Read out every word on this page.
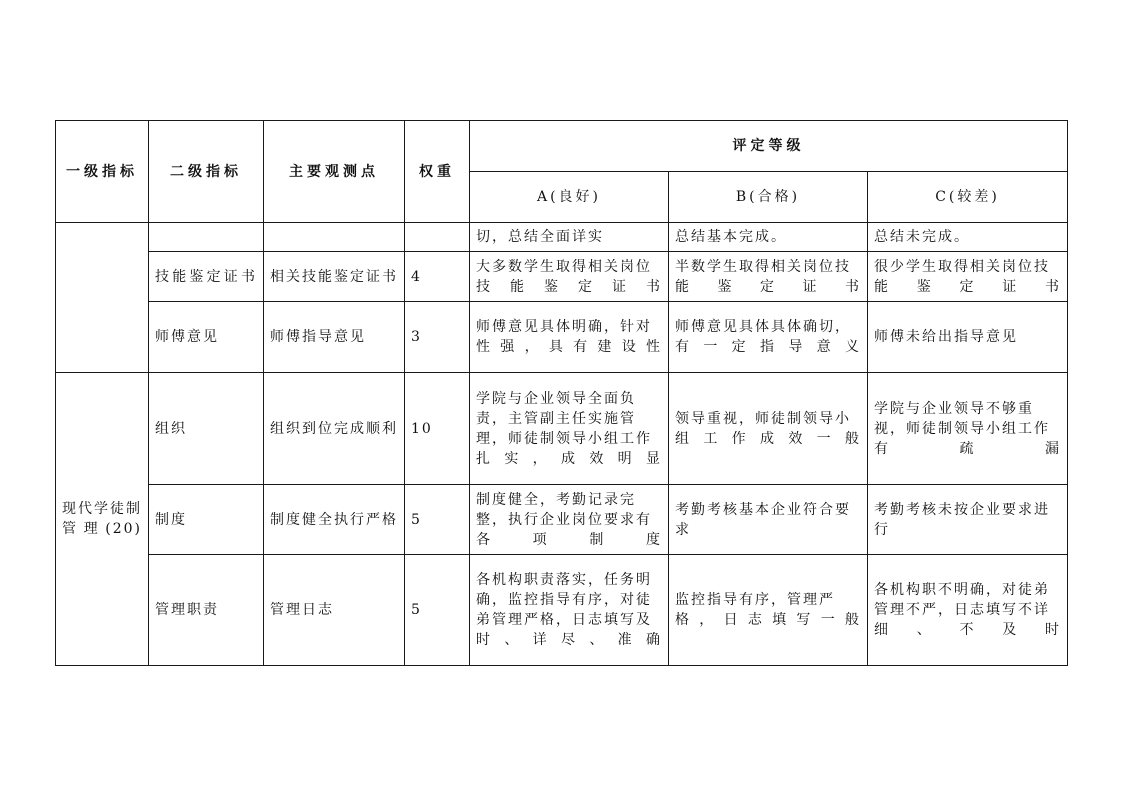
一级指标	二级指标	主要观测点	权重	评定等级		
				A(良好)	B(合格)	C(较差)
				切，总结全面详实	总结基本完成。	总结未完成。
	技能鉴定证书	相关技能鉴定证书	4	大多数学生取得相关岗位技能鉴定证书	半数学生取得相关岗位技能鉴定证书	很少学生取得相关岗位技能鉴定证书
	师傅意见	师傅指导意见	3	师傅意见具体明确，针对性强，具有建设性	师傅意见具体具体确切，有一定指导意义	师傅未给出指导意见
现代学徒制管理(20)	组织	组织到位完成顺利	10	学院与企业领导全面负责，主管副主任实施管理，师徒制领导小组工作扎实，成效明显	领导重视，师徒制领导小组工作成效一般	学院与企业领导不够重视，师徒制领导小组工作有疏漏
	制度	制度健全执行严格	5	制度健全，考勤记录完整，执行企业岗位要求有各项制度	考勤考核基本企业符合要求	考勤考核未按企业要求进行
	管理职责	管理日志	5	各机构职责落实，任务明确，监控指导有序，对徒弟管理严格，日志填写及时、详尽、准确	监控指导有序，管理严格，日志填写一般	各机构职不明确，对徒弟管理不严，日志填写不详细、不及时
